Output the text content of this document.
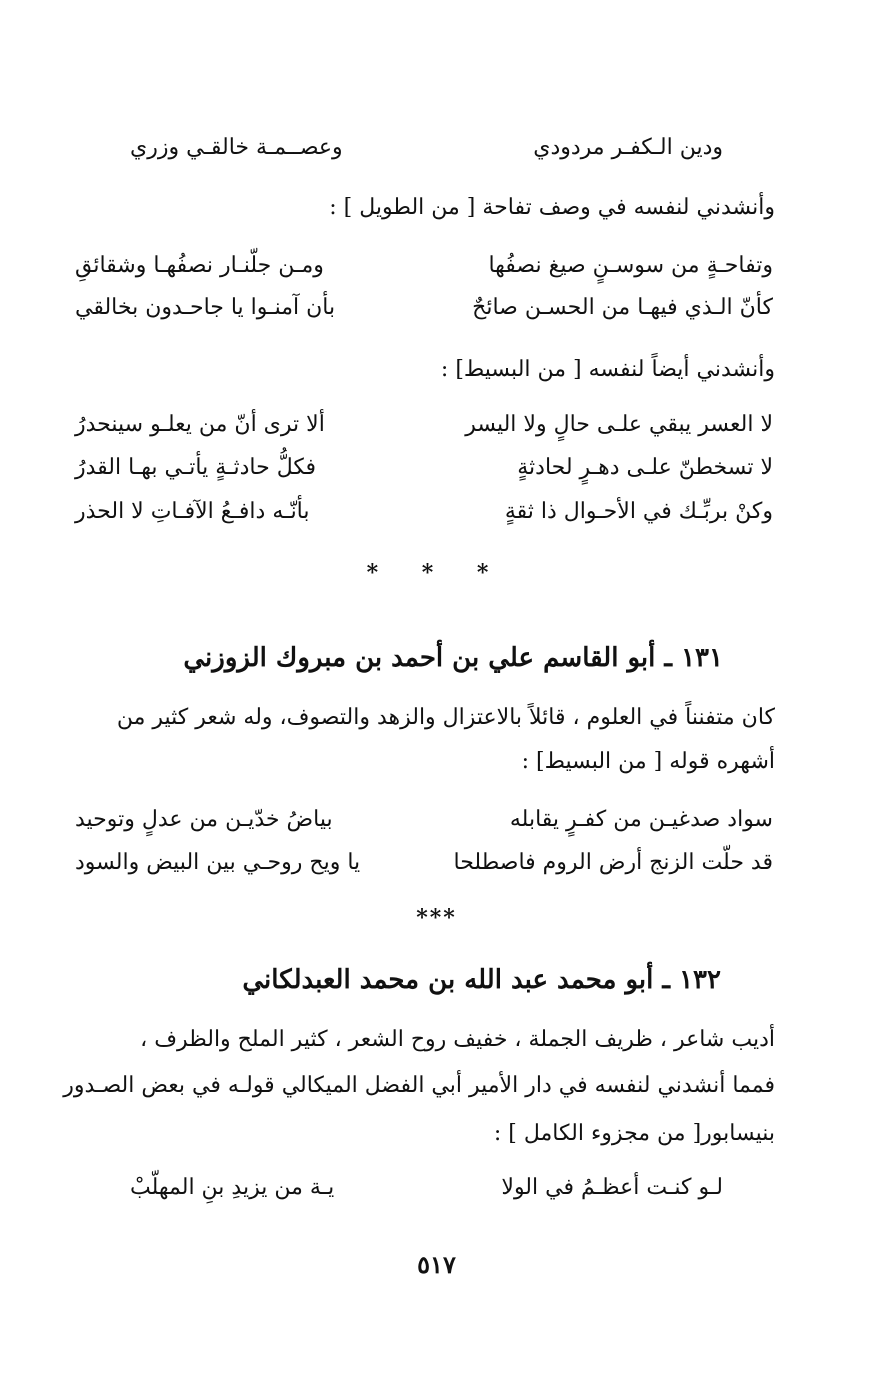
ودين الـكفـر مردودي
وعصــمـة خالقـي وزري
وأنشدني لنفسه في وصف تفاحة [ من الطويل ] :
وتفاحـةٍ من سوسـنٍ صيغ نصفُها
ومـن جلّنـار نصفُهـا وشقائقِ
كأنّ الـذي فيهـا من الحسـن صائحٌ
بأن آمنـوا يا جاحـدون بخالقي
وأنشدني أيضاً لنفسه [ من البسيط] :
لا العسر يبقي علـى حالٍ ولا اليسر
ألا ترى أنّ من يعلـو سينحدرُ
لا تسخطنّ علـى دهـرٍ لحادثةٍ
فكلُّ حادثـةٍ يأتـي بهـا القدرُ
وكنْ بربِّـك في الأحـوال ذا ثقةٍ
بأنّـه دافـعُ الآفـاتِ لا الحذر
* * *
١٣١ ـ أبو القاسم علي بن أحمد بن مبروك الزوزني
كان متفنناً في العلوم ، قائلاً بالاعتزال والزهد والتصوف، وله شعر كثير من
أشهره قوله [ من البسيط] :
سواد صدغيـن من كفـرٍ يقابله
بياضُ خدّيـن من عدلٍ وتوحيد
قد حلّت الزنج أرض الروم فاصطلحا
يا ويح روحـي بين البيض والسود
***
١٣٢ ـ أبو محمد عبد الله بن محمد العبدلكاني
أديب شاعر ، ظريف الجملة ، خفيف روح الشعر ، كثير الملح والظرف ،
فمما أنشدني لنفسه في دار الأمير أبي الفضل الميكالي قولـه في بعض الصـدور
بنيسابور[ من مجزوء الكامل ] :
لـو كنـت أعظـمُ في الولا
يـة من يزيدِ بنِ المهلّبْ
٥١٧
